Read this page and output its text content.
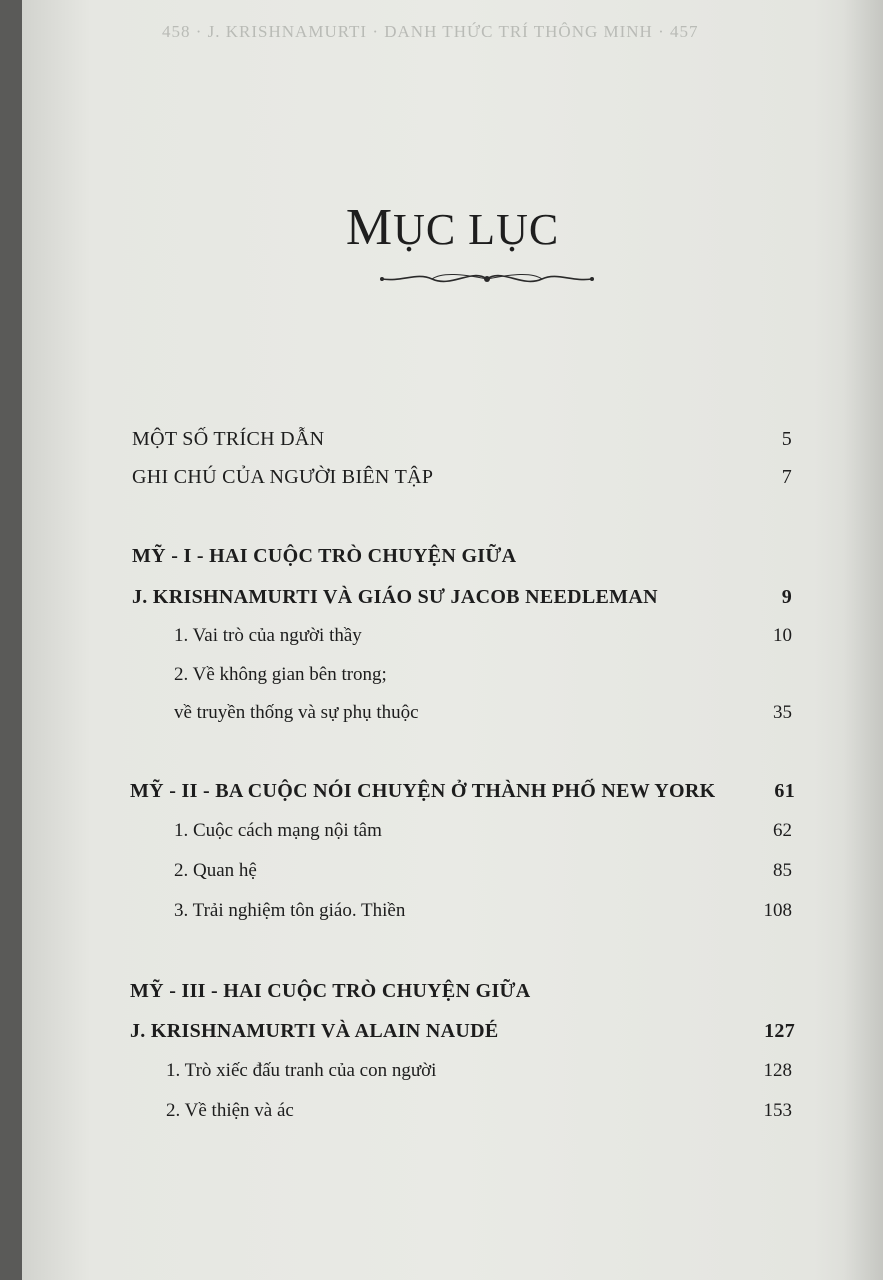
458 · J. KRISHNAMURTI · DANH THỨC TRÍ THÔNG MINH · 457
MỤC LỤC
MỘT SỐ TRÍCH DẪN	5
GHI CHÚ CỦA NGƯỜI BIÊN TẬP	7
MỸ - I - HAI CUỘC TRÒ CHUYỆN GIỮA
J. KRISHNAMURTI VÀ GIÁO SƯ JACOB NEEDLEMAN	9
1. Vai trò của người thầy	10
2. Về không gian bên trong;
về truyền thống và sự phụ thuộc	35
MỸ - II - BA CUỘC NÓI CHUYỆN Ở THÀNH PHỐ NEW YORK	61
1. Cuộc cách mạng nội tâm	62
2. Quan hệ	85
3. Trải nghiệm tôn giáo. Thiền	108
MỸ - III - HAI CUỘC TRÒ CHUYỆN GIỮA
J. KRISHNAMURTI VÀ ALAIN NAUDÉ	127
1. Trò xiếc đấu tranh của con người	128
2. Về thiện và ác	153
